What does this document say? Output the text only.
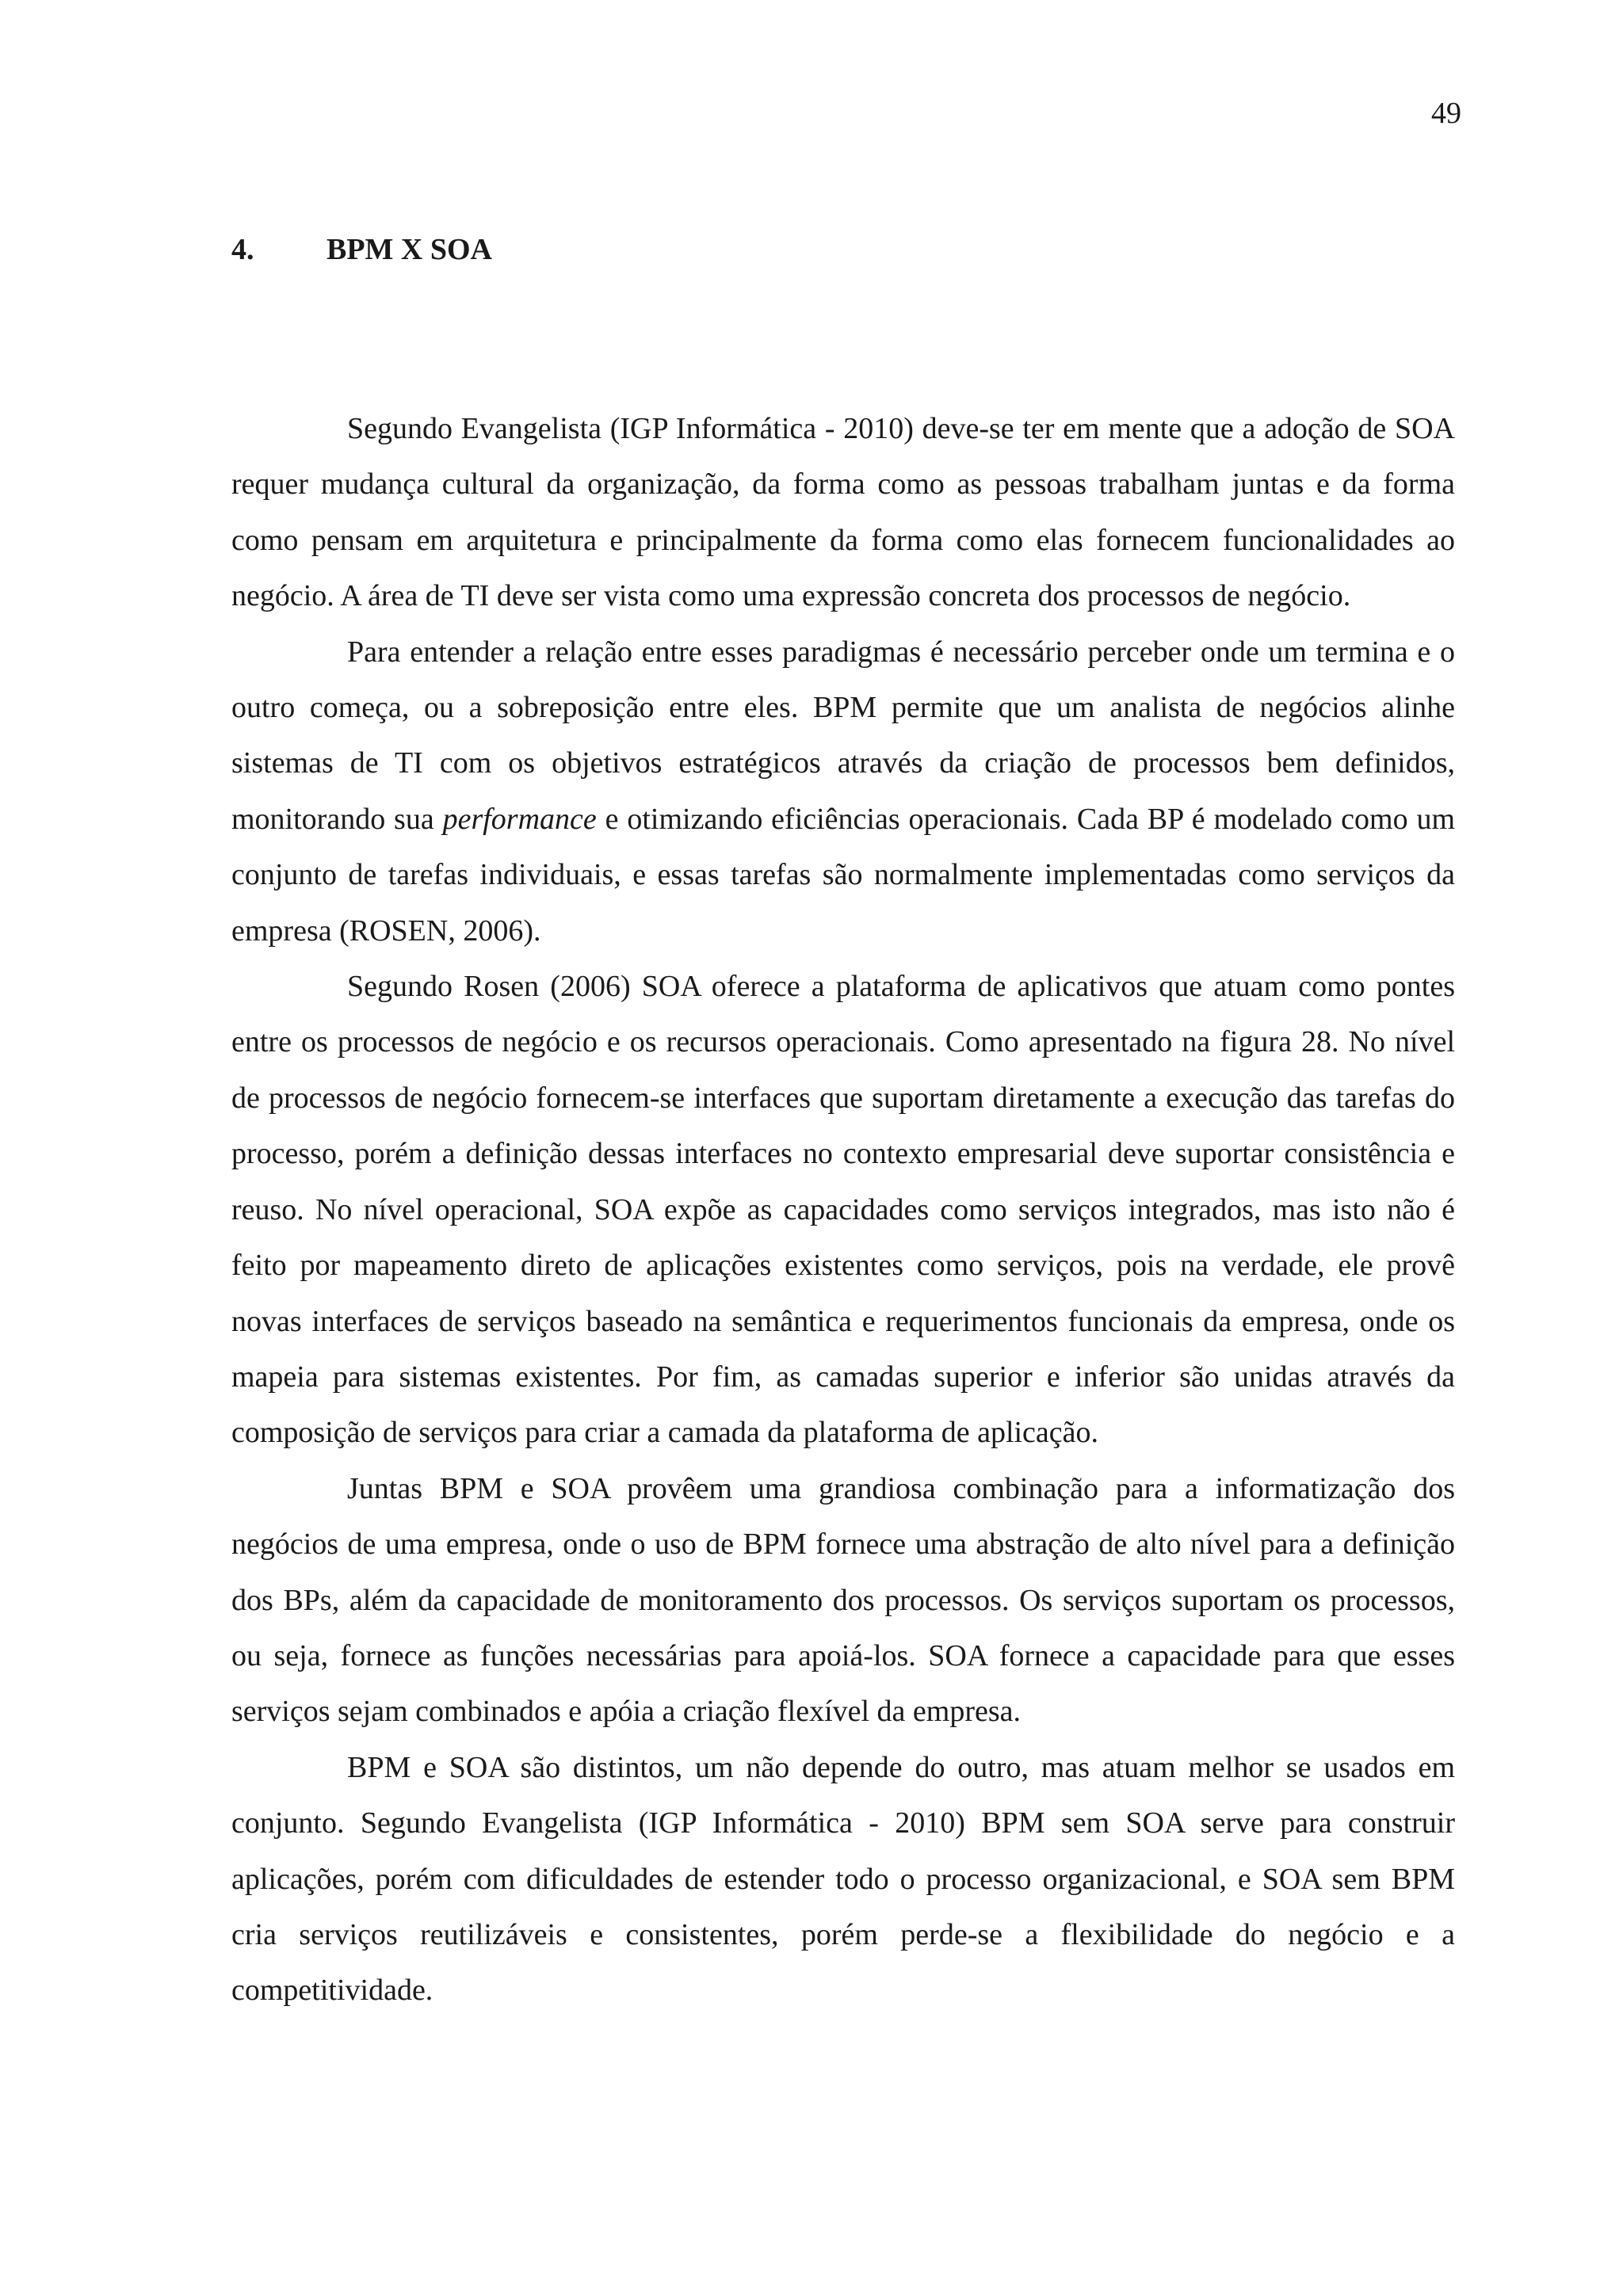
49
4. BPM X SOA

Segundo Evangelista (IGP Informática - 2010) deve-se ter em mente que a adoção de SOA requer mudança cultural da organização, da forma como as pessoas trabalham juntas e da forma como pensam em arquitetura e principalmente da forma como elas fornecem funcionalidades ao negócio. A área de TI deve ser vista como uma expressão concreta dos processos de negócio.

Para entender a relação entre esses paradigmas é necessário perceber onde um termina e o outro começa, ou a sobreposição entre eles. BPM permite que um analista de negócios alinhe sistemas de TI com os objetivos estratégicos através da criação de processos bem definidos, monitorando sua performance e otimizando eficiências operacionais. Cada BP é modelado como um conjunto de tarefas individuais, e essas tarefas são normalmente implementadas como serviços da empresa (ROSEN, 2006).

Segundo Rosen (2006) SOA oferece a plataforma de aplicativos que atuam como pontes entre os processos de negócio e os recursos operacionais. Como apresentado na figura 28. No nível de processos de negócio fornecem-se interfaces que suportam diretamente a execução das tarefas do processo, porém a definição dessas interfaces no contexto empresarial deve suportar consistência e reuso. No nível operacional, SOA expõe as capacidades como serviços integrados, mas isto não é feito por mapeamento direto de aplicações existentes como serviços, pois na verdade, ele provê novas interfaces de serviços baseado na semântica e requerimentos funcionais da empresa, onde os mapeia para sistemas existentes. Por fim, as camadas superior e inferior são unidas através da composição de serviços para criar a camada da plataforma de aplicação.

Juntas BPM e SOA provêem uma grandiosa combinação para a informatização dos negócios de uma empresa, onde o uso de BPM fornece uma abstração de alto nível para a definição dos BPs, além da capacidade de monitoramento dos processos. Os serviços suportam os processos, ou seja, fornece as funções necessárias para apoiá-los. SOA fornece a capacidade para que esses serviços sejam combinados e apóia a criação flexível da empresa.

BPM e SOA são distintos, um não depende do outro, mas atuam melhor se usados em conjunto. Segundo Evangelista (IGP Informática - 2010) BPM sem SOA serve para construir aplicações, porém com dificuldades de estender todo o processo organizacional, e SOA sem BPM cria serviços reutilizáveis e consistentes, porém perde-se a flexibilidade do negócio e a competitividade.
